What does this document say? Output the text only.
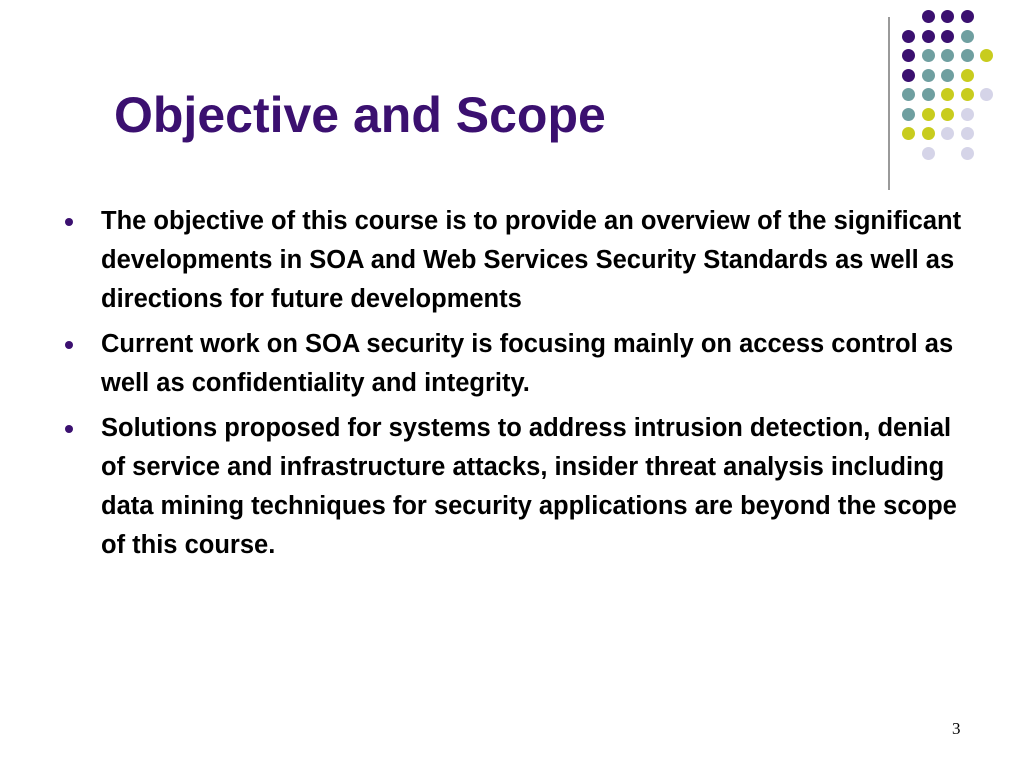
Objective and Scope
The objective of this course is to provide an overview of the significant developments in SOA and Web Services Security Standards as well as directions for future developments
Current work on SOA security is focusing mainly on access control as well as confidentiality and integrity.
Solutions proposed for systems to address intrusion detection, denial of service and infrastructure attacks, insider threat analysis including data mining techniques for security applications are beyond the scope of this course.
3
